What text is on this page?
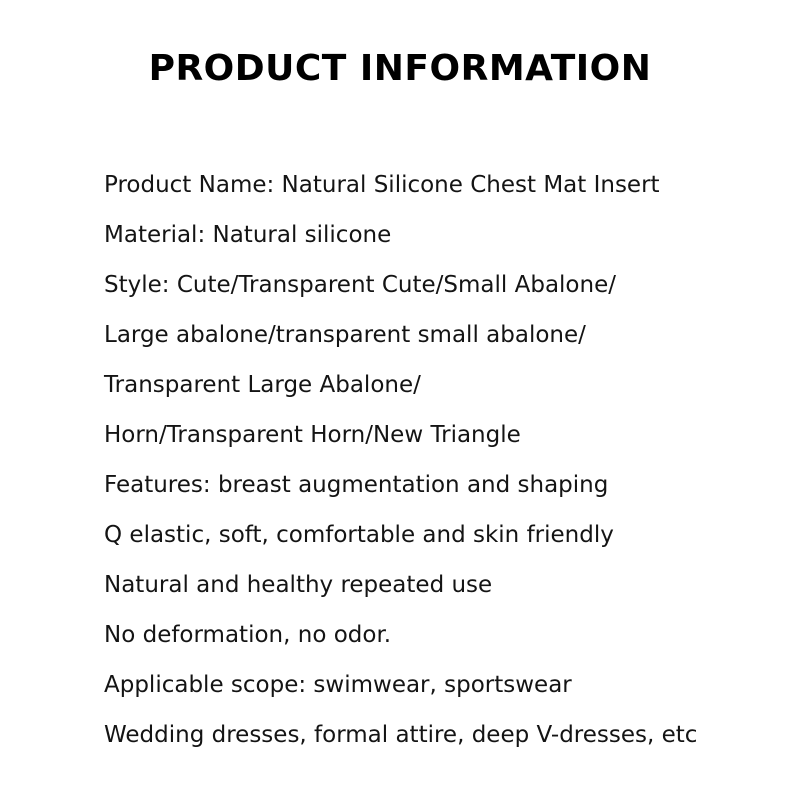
PRODUCT INFORMATION
Product Name: Natural Silicone Chest Mat Insert
Material: Natural silicone
Style: Cute/Transparent Cute/Small Abalone/
Large abalone/transparent small abalone/
Transparent Large Abalone/
Horn/Transparent Horn/New Triangle
Features: breast augmentation and shaping
Q elastic, soft, comfortable and skin friendly
Natural and healthy repeated use
No deformation, no odor.
Applicable scope: swimwear, sportswear
Wedding dresses, formal attire, deep V-dresses, etc
